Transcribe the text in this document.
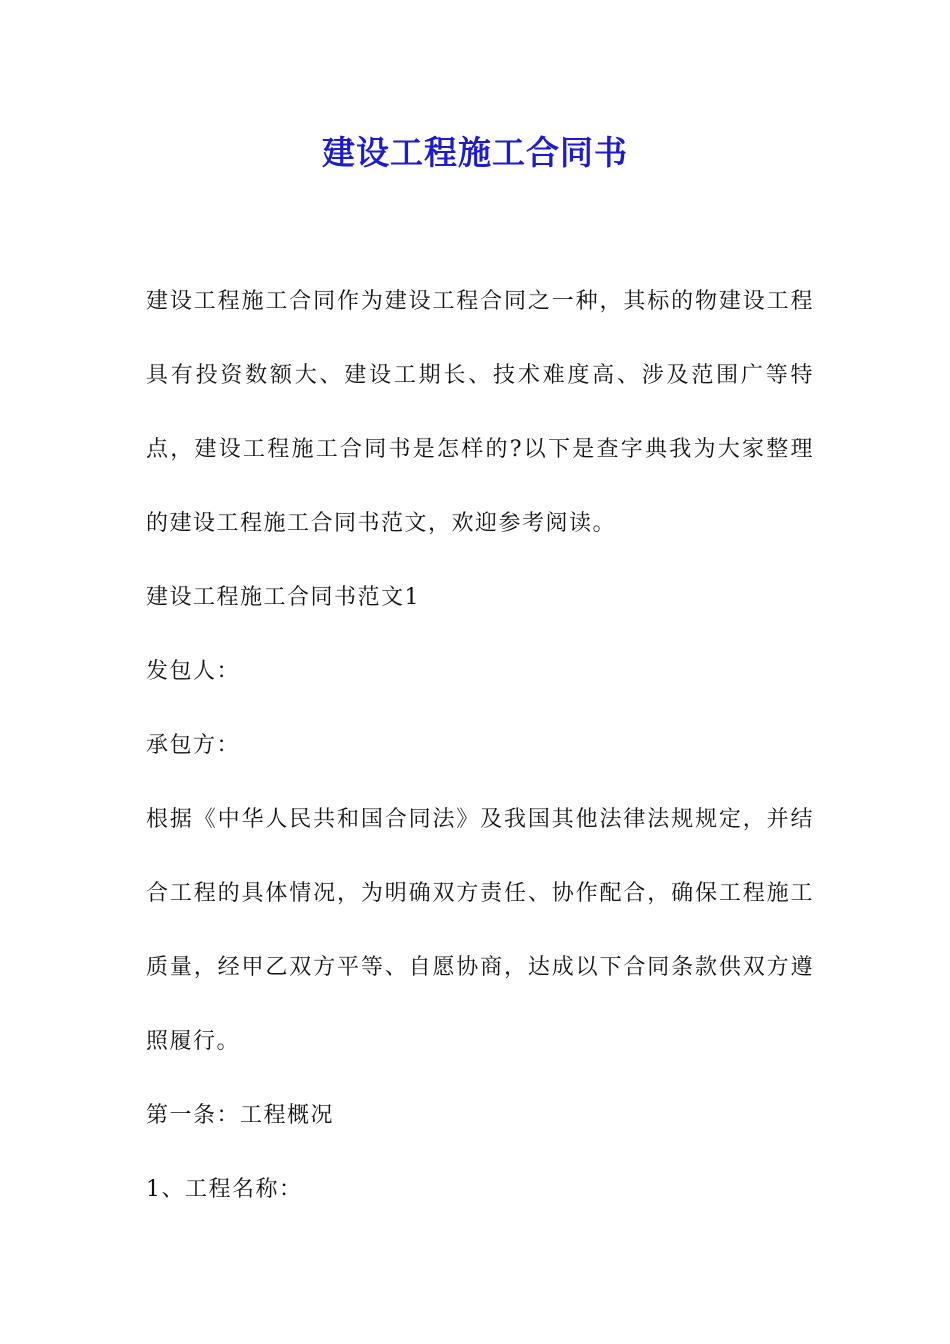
建设工程施工合同书

建设工程施工合同作为建设工程合同之一种，其标的物建设工程具有投资数额大、建设工期长、技术难度高、涉及范围广等特点，建设工程施工合同书是怎样的?以下是查字典我为大家整理的建设工程施工合同书范文，欢迎参考阅读。

建设工程施工合同书范文1

发包人：

承包方：

根据《中华人民共和国合同法》及我国其他法律法规规定，并结合工程的具体情况，为明确双方责任、协作配合，确保工程施工质量，经甲乙双方平等、自愿协商，达成以下合同条款供双方遵照履行。

第一条：工程概况

1、工程名称：
